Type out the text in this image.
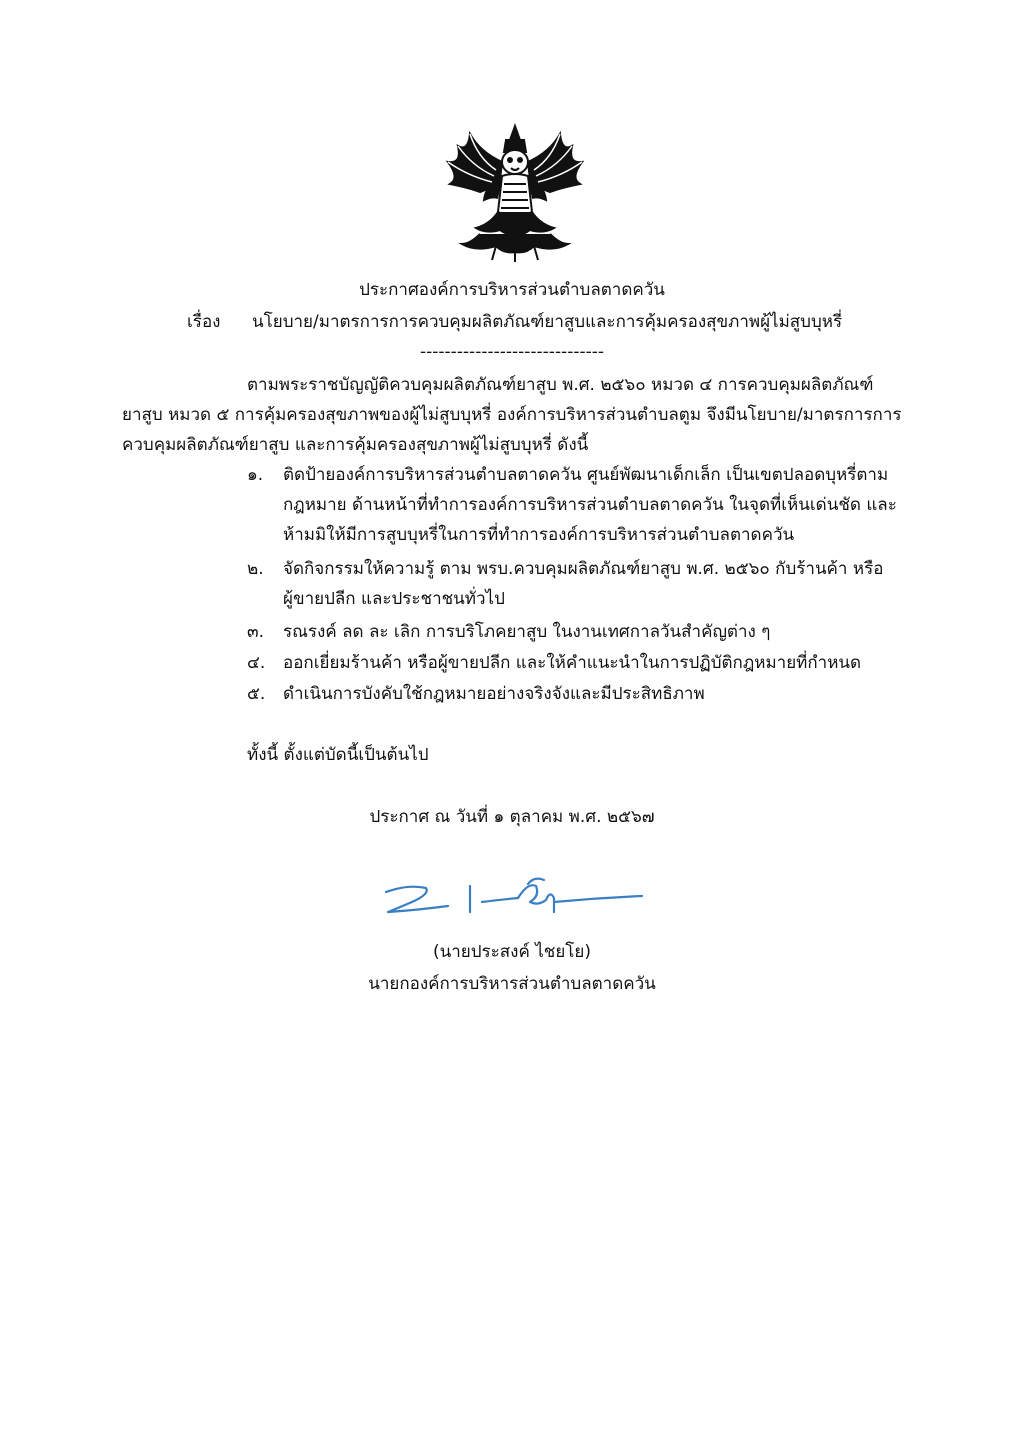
ประกาศองค์การบริหารส่วนตำบลตาดควัน
เรื่อง นโยบาย/มาตรการการควบคุมผลิตภัณฑ์ยาสูบและการคุ้มครองสุขภาพผู้ไม่สูบบุหรี่
------------------------------
ตามพระราชบัญญัติควบคุมผลิตภัณฑ์ยาสูบ พ.ศ. ๒๕๖๐ หมวด ๔ การควบคุมผลิตภัณฑ์
ยาสูบ หมวด ๕ การคุ้มครองสุขภาพของผู้ไม่สูบบุหรี่ องค์การบริหารส่วนตำบลตูม จึงมีนโยบาย/มาตรการการ
ควบคุมผลิตภัณฑ์ยาสูบ และการคุ้มครองสุขภาพผู้ไม่สูบบุหรี่ ดังนี้
๑. ติดป้ายองค์การบริหารส่วนตำบลตาดควัน ศูนย์พัฒนาเด็กเล็ก เป็นเขตปลอดบุหรี่ตาม
กฎหมาย ด้านหน้าที่ทำการองค์การบริหารส่วนตำบลตาดควัน ในจุดที่เห็นเด่นชัด และ
ห้ามมิให้มีการสูบบุหรี่ในการที่ทำการองค์การบริหารส่วนตำบลตาดควัน
๒. จัดกิจกรรมให้ความรู้ ตาม พรบ.ควบคุมผลิตภัณฑ์ยาสูบ พ.ศ. ๒๕๖๐ กับร้านค้า หรือ
ผู้ขายปลีก และประชาชนทั่วไป
๓. รณรงค์ ลด ละ เลิก การบริโภคยาสูบ ในงานเทศกาลวันสำคัญต่าง ๆ
๔. ออกเยี่ยมร้านค้า หรือผู้ขายปลีก และให้คำแนะนำในการปฏิบัติกฎหมายที่กำหนด
๕. ดำเนินการบังคับใช้กฎหมายอย่างจริงจังและมีประสิทธิภาพ
ทั้งนี้ ตั้งแต่บัดนี้เป็นต้นไป
ประกาศ ณ วันที่ ๑ ตุลาคม พ.ศ. ๒๕๖๗
(นายประสงค์ ไชยโย)
นายกองค์การบริหารส่วนตำบลตาดควัน
